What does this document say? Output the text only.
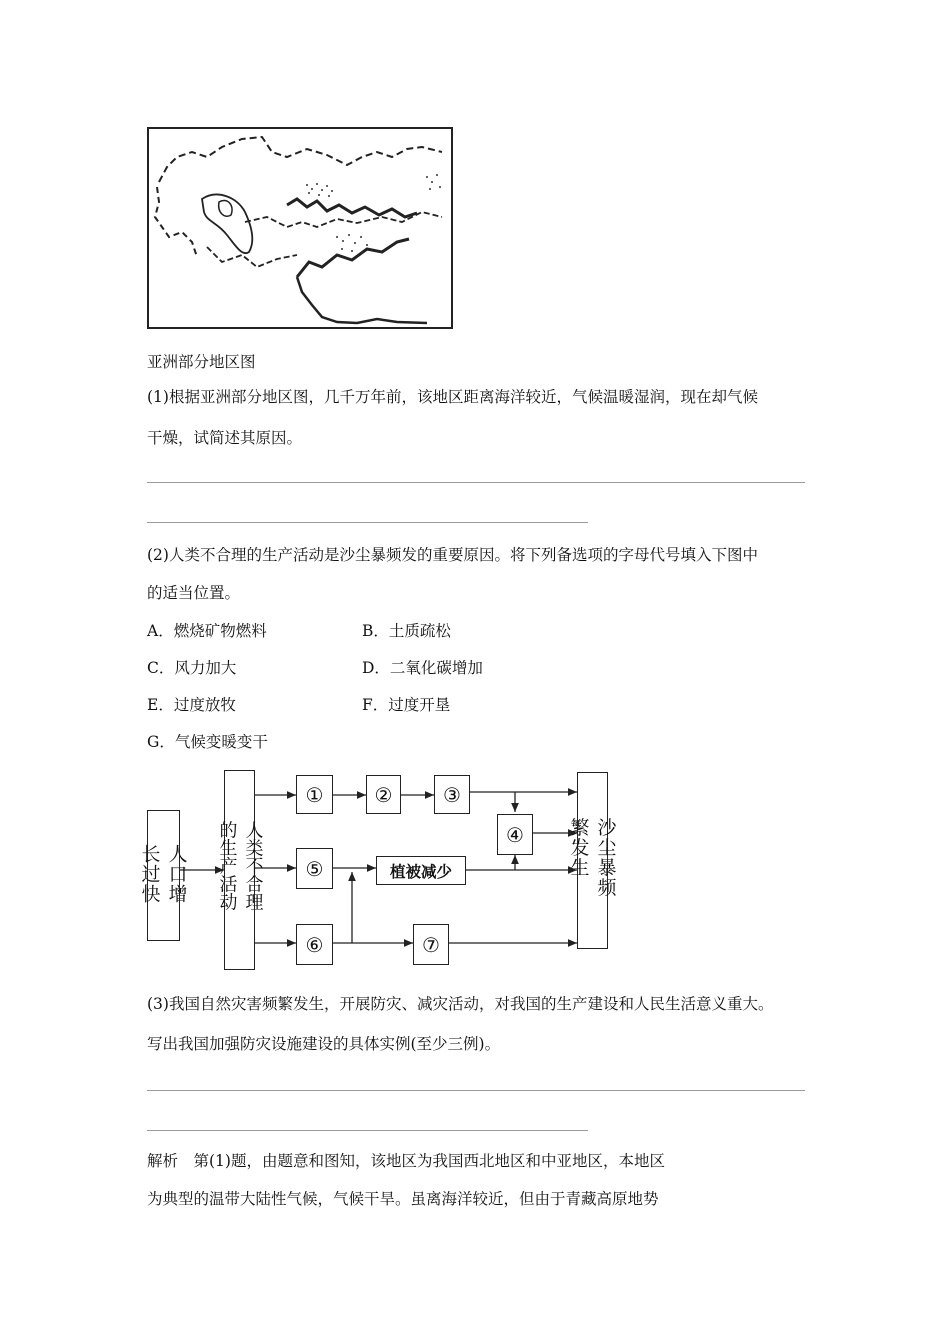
亚洲部分地区图
(1)根据亚洲部分地区图，几千万年前，该地区距离海洋较近，气候温暖湿润，现在却气候
干燥，试简述其原因。
(2)人类不合理的生产活动是沙尘暴频发的重要原因。将下列备选项的字母代号填入下图中
的适当位置。
A．燃烧矿物燃料	B．土质疏松
C．风力加大	D．二氧化碳增加
E．过度放牧	F．过度开垦
G．气候变暖变干
人口增长过快	人类不合理的生产活动
①	②	③
④
⑤	植被减少
⑥	⑦
沙尘暴频繁发生
(3)我国自然灾害频繁发生，开展防灾、减灾活动，对我国的生产建设和人民生活意义重大。
写出我国加强防灾设施建设的具体实例(至少三例)。
解析　第(1)题，由题意和图知，该地区为我国西北地区和中亚地区，本地区
为典型的温带大陆性气候，气候干旱。虽离海洋较近，但由于青藏高原地势
